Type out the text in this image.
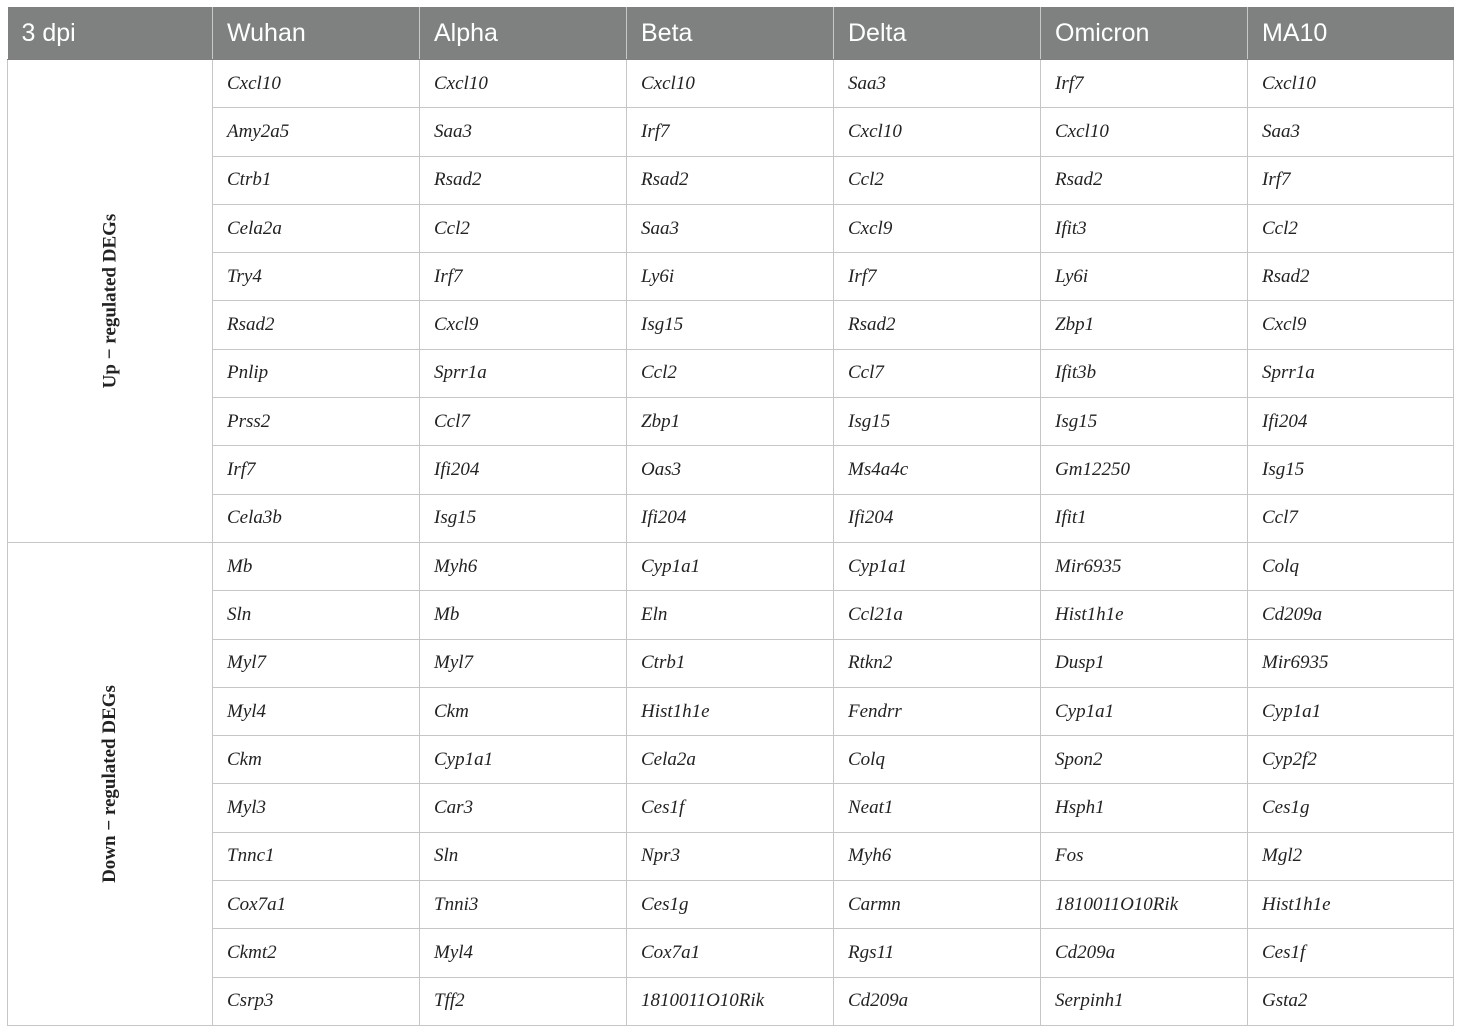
3 dpi	Wuhan	Alpha	Beta	Delta	Omicron	MA10
Up − regulated DEGs	Cxcl10	Cxcl10	Cxcl10	Saa3	Irf7	Cxcl10
	Amy2a5	Saa3	Irf7	Cxcl10	Cxcl10	Saa3
	Ctrb1	Rsad2	Rsad2	Ccl2	Rsad2	Irf7
	Cela2a	Ccl2	Saa3	Cxcl9	Ifit3	Ccl2
	Try4	Irf7	Ly6i	Irf7	Ly6i	Rsad2
	Rsad2	Cxcl9	Isg15	Rsad2	Zbp1	Cxcl9
	Pnlip	Sprr1a	Ccl2	Ccl7	Ifit3b	Sprr1a
	Prss2	Ccl7	Zbp1	Isg15	Isg15	Ifi204
	Irf7	Ifi204	Oas3	Ms4a4c	Gm12250	Isg15
	Cela3b	Isg15	Ifi204	Ifi204	Ifit1	Ccl7
Down − regulated DEGs	Mb	Myh6	Cyp1a1	Cyp1a1	Mir6935	Colq
	Sln	Mb	Eln	Ccl21a	Hist1h1e	Cd209a
	Myl7	Myl7	Ctrb1	Rtkn2	Dusp1	Mir6935
	Myl4	Ckm	Hist1h1e	Fendrr	Cyp1a1	Cyp1a1
	Ckm	Cyp1a1	Cela2a	Colq	Spon2	Cyp2f2
	Myl3	Car3	Ces1f	Neat1	Hsph1	Ces1g
	Tnnc1	Sln	Npr3	Myh6	Fos	Mgl2
	Cox7a1	Tnni3	Ces1g	Carmn	1810011O10Rik	Hist1h1e
	Ckmt2	Myl4	Cox7a1	Rgs11	Cd209a	Ces1f
	Csrp3	Tff2	1810011O10Rik	Cd209a	Serpinh1	Gsta2
